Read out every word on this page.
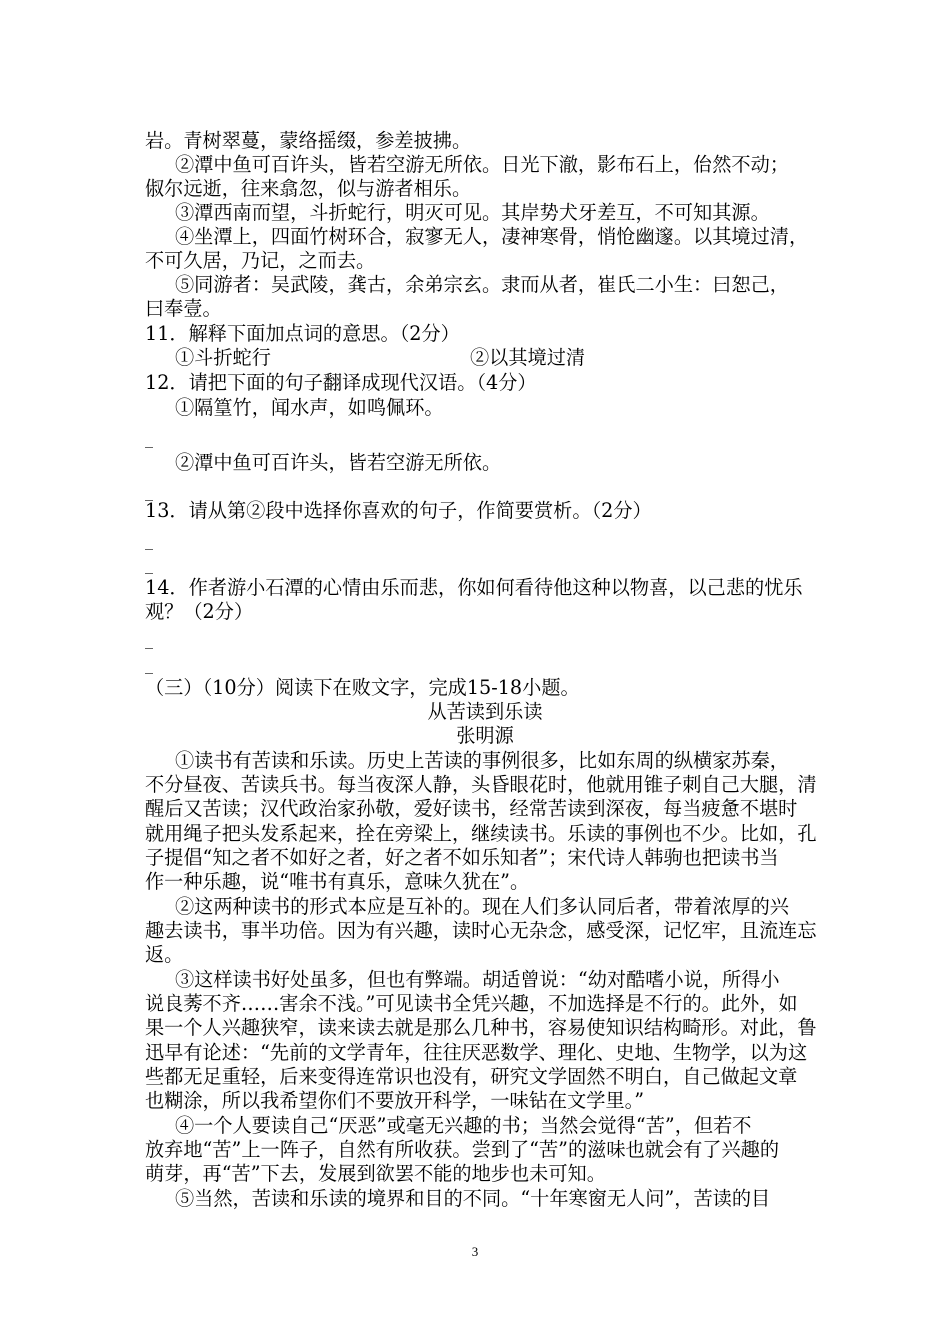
岩。青树翠蔓，蒙络摇缀，参差披拂。
②潭中鱼可百许头，皆若空游无所依。日光下澈，影布石上，佁然不动；
俶尔远逝，往来翕忽，似与游者相乐。
③潭西南而望，斗折蛇行，明灭可见。其岸势犬牙差互，不可知其源。
④坐潭上，四面竹树环合，寂寥无人，凄神寒骨，悄怆幽邃。以其境过清，
不可久居，乃记，之而去。
⑤同游者：吴武陵，龚古，余弟宗玄。隶而从者，崔氏二小生：曰恕己，
曰奉壹。
11．解释下面加点词的意思。（2分）
①斗折蛇行	②以其境过清
12．请把下面的句子翻译成现代汉语。（4分）
①隔篁竹，闻水声，如鸣佩环。
_
②潭中鱼可百许头，皆若空游无所依。
_
13．请从第②段中选择你喜欢的句子，作简要赏析。（2分）
_
_
14．作者游小石潭的心情由乐而悲，你如何看待他这种以物喜，以己悲的忧乐
观？（2分）
_
_
（三）（10分）阅读下在败文字，完成15-18小题。
从苦读到乐读
张明源
①读书有苦读和乐读。历史上苦读的事例很多，比如东周的纵横家苏秦，
不分昼夜、苦读兵书。每当夜深人静，头昏眼花时，他就用锥子刺自己大腿，清
醒后又苦读；汉代政治家孙敬，爱好读书，经常苦读到深夜，每当疲惫不堪时
就用绳子把头发系起来，拴在旁梁上，继续读书。乐读的事例也不少。比如，孔
子提倡“知之者不如好之者，好之者不如乐知者”；宋代诗人韩驹也把读书当
作一种乐趣，说“唯书有真乐，意味久犹在”。
②这两种读书的形式本应是互补的。现在人们多认同后者，带着浓厚的兴
趣去读书，事半功倍。因为有兴趣，读时心无杂念，感受深，记忆牢，且流连忘
返。
③这样读书好处虽多，但也有弊端。胡适曾说：“幼对酷嗜小说，所得小
说良莠不齐……害余不浅。”可见读书全凭兴趣，不加选择是不行的。此外，如
果一个人兴趣狭窄，读来读去就是那么几种书，容易使知识结构畸形。对此，鲁
迅早有论述：“先前的文学青年，往往厌恶数学、理化、史地、生物学，以为这
些都无足重轻，后来变得连常识也没有，研究文学固然不明白，自己做起文章
也糊涂，所以我希望你们不要放开科学，一味钻在文学里。”
④一个人要读自己“厌恶”或毫无兴趣的书；当然会觉得“苦”，但若不
放弃地“苦”上一阵子，自然有所收获。尝到了“苦”的滋味也就会有了兴趣的
萌芽，再“苦”下去，发展到欲罢不能的地步也未可知。
⑤当然，苦读和乐读的境界和目的不同。“十年寒窗无人问”，苦读的目
3
